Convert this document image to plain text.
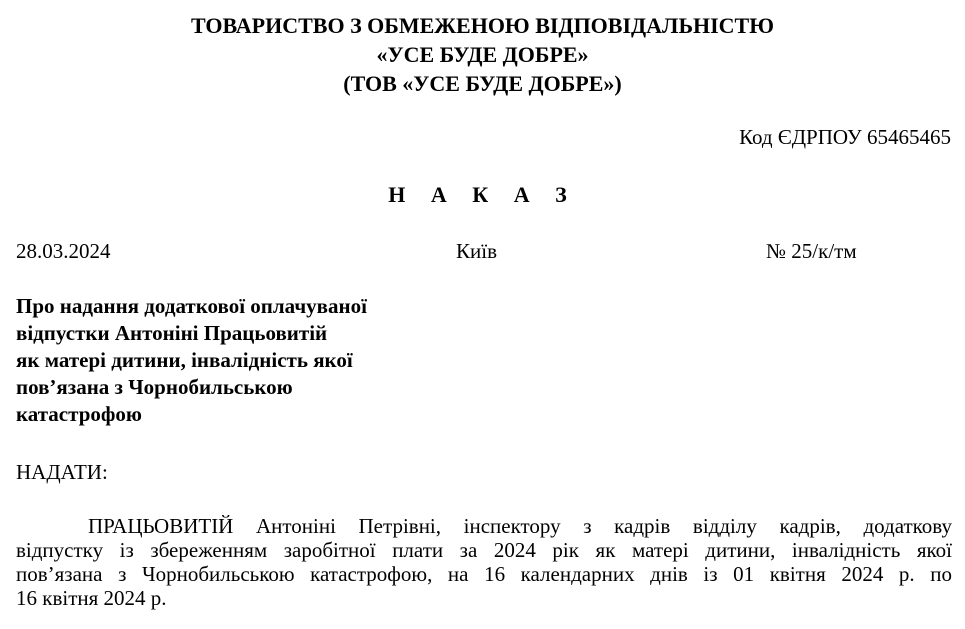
ТОВАРИСТВО З ОБМЕЖЕНОЮ ВІДПОВІДАЛЬНІСТЮ
«УСЕ БУДЕ ДОБРЕ»
(ТОВ «УСЕ БУДЕ ДОБРЕ»)
Код ЄДРПОУ 65465465
Н А К А З
28.03.2024	Київ	№ 25/к/тм
Про надання додаткової оплачуваної
відпустки Антоніні Працьовитій
як матері дитини, інвалідність якої
пов’язана з Чорнобильською
катастрофою
НАДАТИ:
ПРАЦЬОВИТІЙ Антоніні Петрівні, інспектору з кадрів відділу кадрів, додаткову
відпустку із збереженням заробітної плати за 2024 рік як матері дитини, інвалідність якої
пов’язана з Чорнобильською катастрофою, на 16 календарних днів із 01 квітня 2024 р. по
16 квітня 2024 р.
